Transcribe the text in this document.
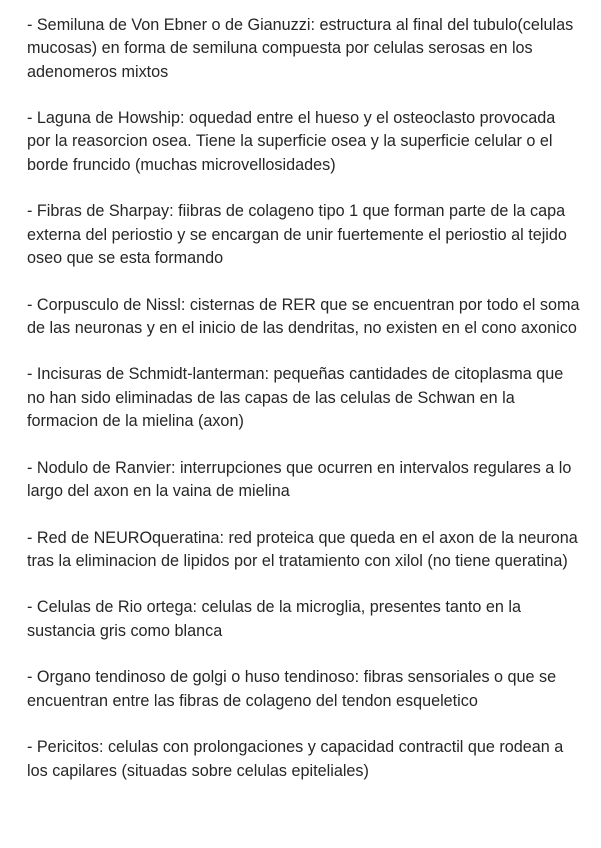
- Semiluna de Von Ebner o de Gianuzzi: estructura al final del tubulo(celulas mucosas) en forma de semiluna compuesta por celulas serosas en los adenomeros mixtos

- Laguna de Howship: oquedad entre el hueso y el osteoclasto provocada por la reasorcion osea. Tiene la superficie osea y la superficie celular o el borde fruncido (muchas microvellosidades)

- Fibras de Sharpay: fiibras de colageno tipo 1 que forman parte de la capa externa del periostio y se encargan de unir fuertemente el periostio al tejido oseo que se esta formando

- Corpusculo de Nissl: cisternas de RER que se encuentran por todo el soma de las neuronas y en el inicio de las dendritas, no existen en el cono axonico

- Incisuras de Schmidt-lanterman: pequeñas cantidades de citoplasma que no han sido eliminadas de las capas de las celulas de Schwan en la formacion de la mielina (axon)

- Nodulo de Ranvier: interrupciones que ocurren en intervalos regulares a lo largo del axon en la vaina de mielina

- Red de NEUROqueratina: red proteica que queda en el axon de la neurona tras la eliminacion de lipidos por el tratamiento con xilol (no tiene queratina)

- Celulas de Rio ortega: celulas de la microglia, presentes tanto en la sustancia gris como blanca

- Organo tendinoso de golgi o huso tendinoso: fibras sensoriales o que se encuentran entre las fibras de colageno del tendon esqueletico

- Pericitos: celulas con prolongaciones y capacidad contractil que rodean a los capilares (situadas sobre celulas epiteliales)
